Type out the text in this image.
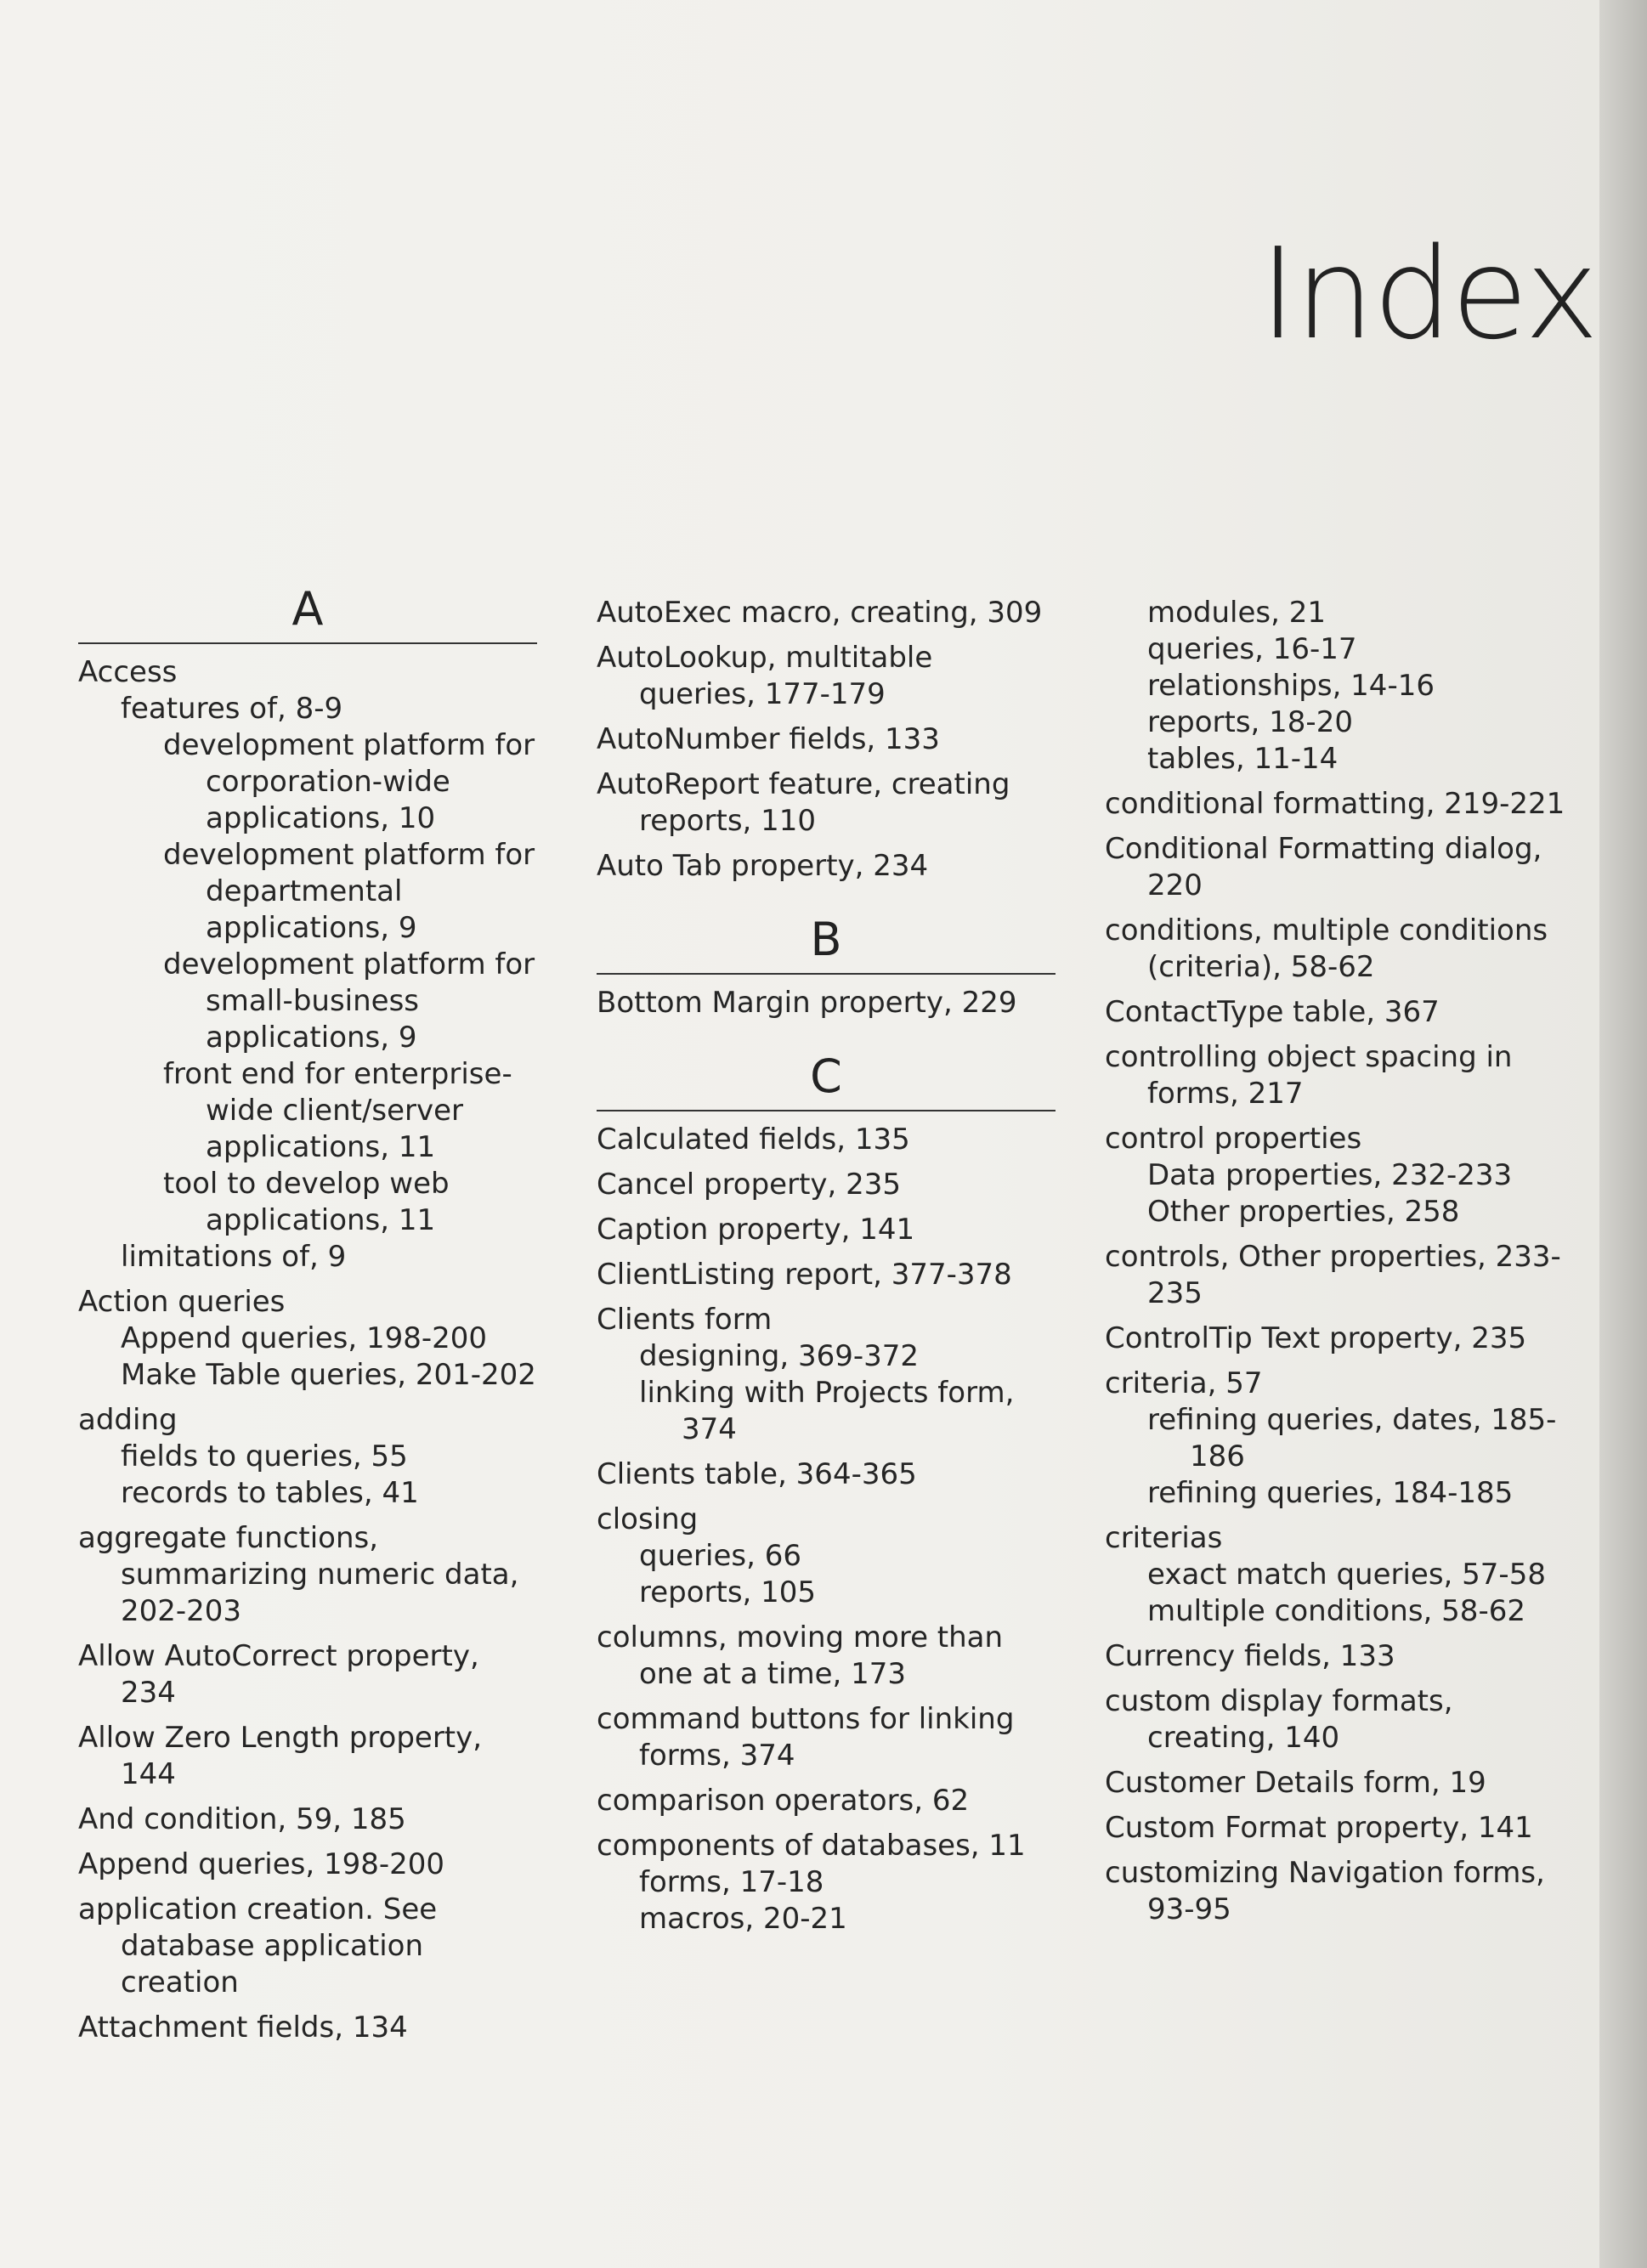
Index
A
Access
features of, 8-9
development platform for corporation-wide applications, 10
development platform for departmental applications, 9
development platform for small-business applications, 9
front end for enterprise-wide client/server applications, 11
tool to develop web applications, 11
limitations of, 9
Action queries
Append queries, 198-200
Make Table queries, 201-202
adding
fields to queries, 55
records to tables, 41
aggregate functions, summarizing numeric data, 202-203
Allow AutoCorrect property, 234
Allow Zero Length property, 144
And condition, 59, 185
Append queries, 198-200
application creation. See database application creation
Attachment fields, 134
AutoExec macro, creating, 309
AutoLookup, multitable queries, 177-179
AutoNumber fields, 133
AutoReport feature, creating reports, 110
Auto Tab property, 234
B
Bottom Margin property, 229
C
Calculated fields, 135
Cancel property, 235
Caption property, 141
ClientListing report, 377-378
Clients form
designing, 369-372
linking with Projects form, 374
Clients table, 364-365
closing
queries, 66
reports, 105
columns, moving more than one at a time, 173
command buttons for linking forms, 374
comparison operators, 62
components of databases, 11
forms, 17-18
macros, 20-21
modules, 21
queries, 16-17
relationships, 14-16
reports, 18-20
tables, 11-14
conditional formatting, 219-221
Conditional Formatting dialog, 220
conditions, multiple conditions (criteria), 58-62
ContactType table, 367
controlling object spacing in forms, 217
control properties
Data properties, 232-233
Other properties, 258
controls, Other properties, 233-235
ControlTip Text property, 235
criteria, 57
refining queries, dates, 185-186
refining queries, 184-185
criterias
exact match queries, 57-58
multiple conditions, 58-62
Currency fields, 133
custom display formats, creating, 140
Customer Details form, 19
Custom Format property, 141
customizing Navigation forms, 93-95
